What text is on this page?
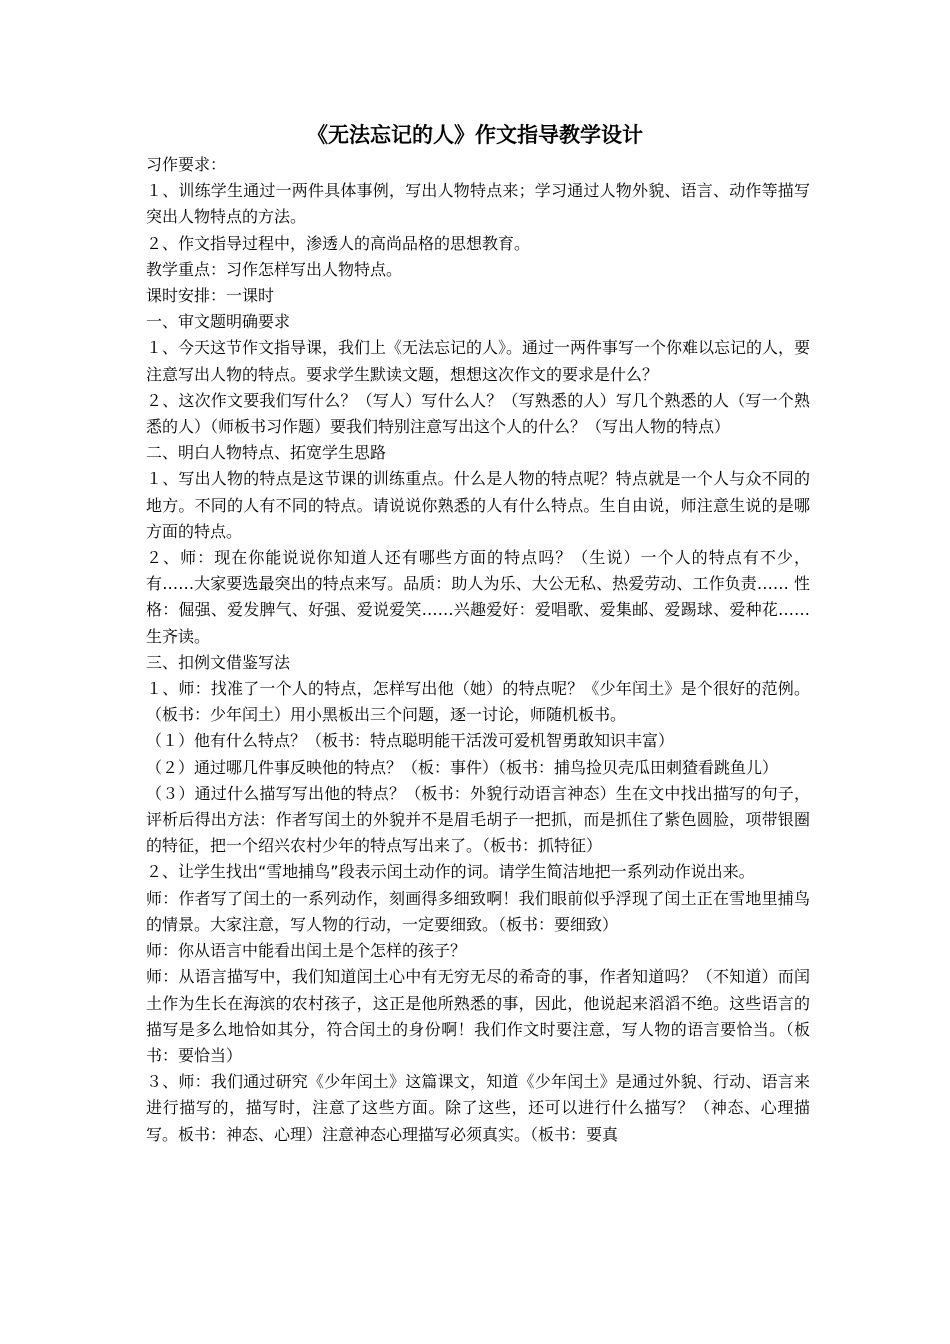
《无法忘记的人》作文指导教学设计

习作要求：

１、训练学生通过一两件具体事例，写出人物特点来；学习通过人物外貌、语言、动作等描写突出人物特点的方法。

２、作文指导过程中，渗透人的高尚品格的思想教育。

教学重点：习作怎样写出人物特点。

课时安排：一课时

一、审文题明确要求

１、今天这节作文指导课，我们上《无法忘记的人》。通过一两件事写一个你难以忘记的人，要注意写出人物的特点。要求学生默读文题，想想这次作文的要求是什么？

２、这次作文要我们写什么？（写人）写什么人？（写熟悉的人）写几个熟悉的人（写一个熟悉的人）（师板书习作题）要我们特别注意写出这个人的什么？（写出人物的特点）

二、明白人物特点、拓宽学生思路

１、写出人物的特点是这节课的训练重点。什么是人物的特点呢？特点就是一个人与众不同的地方。不同的人有不同的特点。请说说你熟悉的人有什么特点。生自由说，师注意生说的是哪方面的特点。

２、师：现在你能说说你知道人还有哪些方面的特点吗？（生说）一个人的特点有不少，有……大家要选最突出的特点来写。品质：助人为乐、大公无私、热爱劳动、工作负责…… 性格：倔强、爱发脾气、好强、爱说爱笑……兴趣爱好：爱唱歌、爱集邮、爱踢球、爱种花……生齐读。

三、扣例文借鉴写法

１、师：找准了一个人的特点，怎样写出他（她）的特点呢？《少年闰土》是个很好的范例。（板书：少年闰土）用小黑板出三个问题，逐一讨论，师随机板书。

（１）他有什么特点？（板书：特点聪明能干活泼可爱机智勇敢知识丰富）

（２）通过哪几件事反映他的特点？（板：事件）（板书：捕鸟捡贝壳瓜田刺猹看跳鱼儿）

（３）通过什么描写写出他的特点？（板书：外貌行动语言神态）生在文中找出描写的句子，评析后得出方法：作者写闰土的外貌并不是眉毛胡子一把抓，而是抓住了紫色圆脸，项带银圈的特征，把一个绍兴农村少年的特点写出来了。（板书：抓特征）

２、让学生找出“雪地捕鸟”段表示闰土动作的词。请学生简洁地把一系列动作说出来。

师：作者写了闰土的一系列动作，刻画得多细致啊！我们眼前似乎浮现了闰土正在雪地里捕鸟的情景。大家注意，写人物的行动，一定要细致。（板书：要细致）

师：你从语言中能看出闰土是个怎样的孩子？

师：从语言描写中，我们知道闰土心中有无穷无尽的希奇的事，作者知道吗？（不知道）而闰土作为生长在海滨的农村孩子，这正是他所熟悉的事，因此，他说起来滔滔不绝。这些语言的描写是多么地恰如其分，符合闰土的身份啊！我们作文时要注意，写人物的语言要恰当。（板书：要恰当）

３、师：我们通过研究《少年闰土》这篇课文，知道《少年闰土》是通过外貌、行动、语言来进行描写的，描写时，注意了这些方面。除了这些，还可以进行什么描写？（神态、心理描写。板书：神态、心理）注意神态心理描写必须真实。（板书：要真
